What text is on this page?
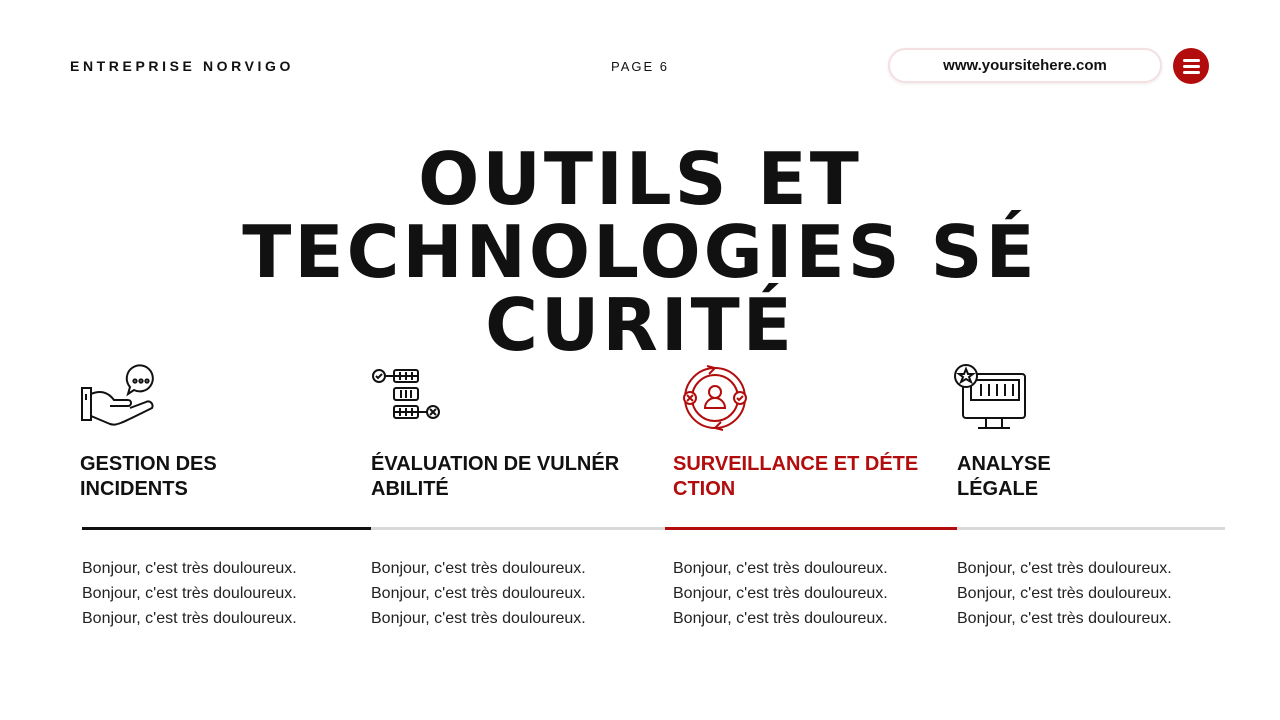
ENTREPRISE NORVIGO	PAGE 6	www.yoursitehere.com
OUTILS ET TECHNOLOGIES SÉ CURITÉ
GESTION DES
INCIDENTS
Bonjour, c'est très douloureux.
Bonjour, c'est très douloureux.
Bonjour, c'est très douloureux.
ÉVALUATION DE VULNÉR
ABILITÉ
Bonjour, c'est très douloureux.
Bonjour, c'est très douloureux.
Bonjour, c'est très douloureux.
SURVEILLANCE ET DÉTE
CTION
Bonjour, c'est très douloureux.
Bonjour, c'est très douloureux.
Bonjour, c'est très douloureux.
ANALYSE
LÉGALE
Bonjour, c'est très douloureux.
Bonjour, c'est très douloureux.
Bonjour, c'est très douloureux.
